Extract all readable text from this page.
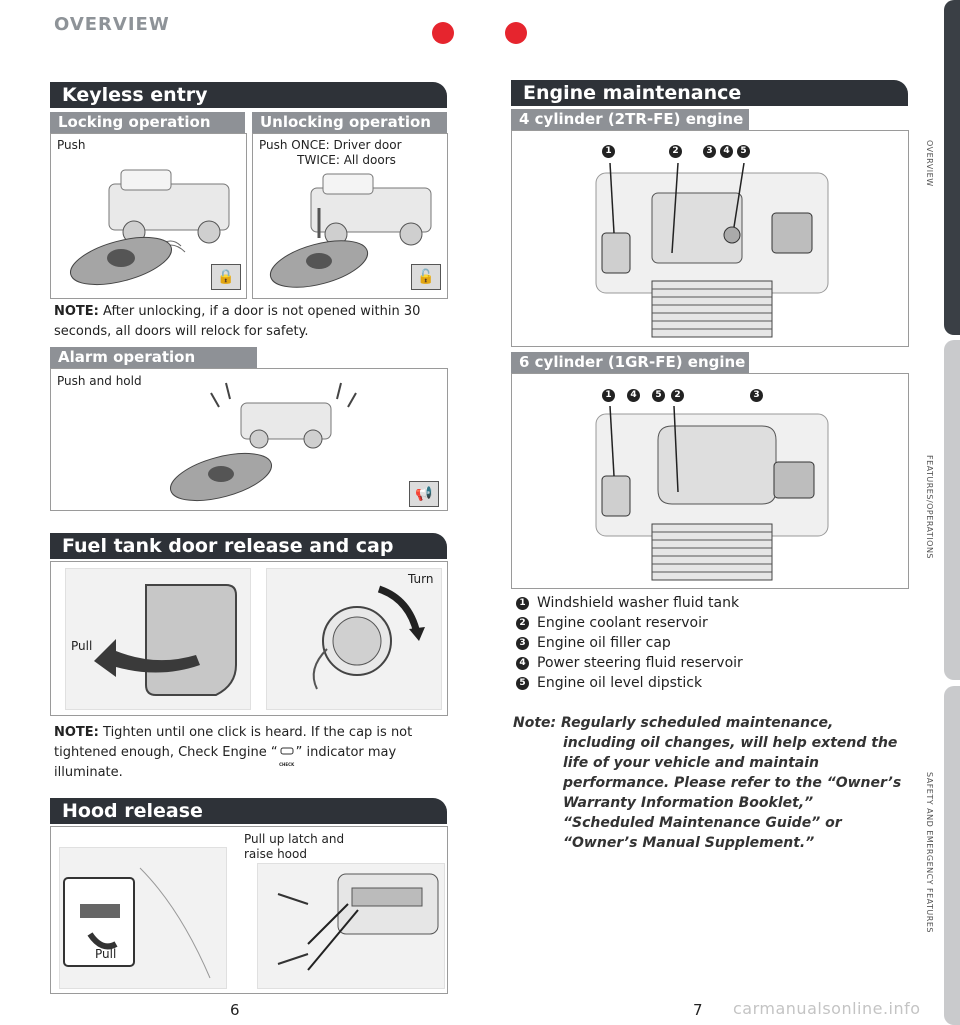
OVERVIEW
Keyless entry
Locking operation
Push
🔒
Unlocking operation
Push ONCE: Driver door
TWICE: All doors
🔓
NOTE: After unlocking, if a door is not opened within 30 seconds, all doors will relock for safety.
Alarm operation
Push and hold
📢
Fuel tank door release and cap
Pull
Turn
NOTE: Tighten until one click is heard. If the cap is not tightened enough, Check Engine “
CHECK
” indicator may illuminate.
Hood release
Pull up latch and
raise hood
Pull
Engine maintenance
4 cylinder (2TR-FE) engine
1	2	3	4	5
6 cylinder (1GR-FE) engine
1	4	5	2	3
1 Windshield washer fluid tank
2 Engine coolant reservoir
3 Engine oil filler cap
4 Power steering fluid reservoir
5 Engine oil level dipstick
Note: Regularly scheduled maintenance, including oil changes, will help extend the life of your vehicle and maintain performance. Please refer to the “Owner’s Warranty Information Booklet,” “Scheduled Maintenance Guide” or “Owner’s Manual Supplement.”
OVERVIEW
FEATURES/OPERATIONS
SAFETY AND EMERGENCY FEATURES
6	7 carmanualsonline.info
